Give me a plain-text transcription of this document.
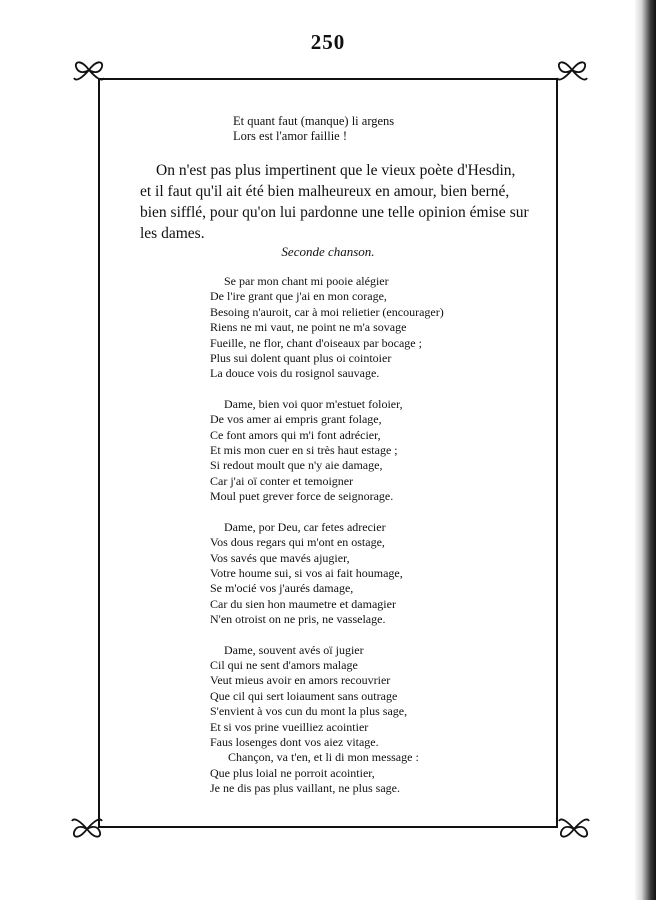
250
Et quant faut (manque) li argens
Lors est l'amor faillie !
On n'est pas plus impertinent que le vieux poète d'Hesdin,
et il faut qu'il ait été bien malheureux en amour, bien berné,
bien sifflé, pour qu'on lui pardonne une telle opinion émise sur
les dames.
Seconde chanson.
Se par mon chant mi pooie alégier
De l'ire grant que j'ai en mon corage,
Besoing n'auroit, car à moi relietier (encourager)
Riens ne mi vaut, ne point ne m'a sovage
Fueille, ne flor, chant d'oiseaux par bocage ;
Plus sui dolent quant plus oi cointoier
La douce vois du rosignol sauvage.
Dame, bien voi quor m'estuet foloier,
De vos amer ai empris grant folage,
Ce font amors qui m'i font adrécier,
Et mis mon cuer en si très haut estage ;
Si redout moult que n'y aie damage,
Car j'ai oï conter et temoigner
Moul puet grever force de seignorage.
Dame, por Deu, car fetes adrecier
Vos dous regars qui m'ont en ostage,
Vos savés que mavés ajugier,
Votre houme sui, si vos ai fait houmage,
Se m'ocié vos j'aurés damage,
Car du sien hon maumetre et damagier
N'en otroist on ne pris, ne vasselage.
Dame, souvent avés oï jugier
Cil qui ne sent d'amors malage
Veut mieus avoir en amors recouvrier
Que cil qui sert loiaument sans outrage
S'envient à vos cun du mont la plus sage,
Et si vos prine vueilliez acointier
Faus losenges dont vos aiez vitage.
Chançon, va t'en, et li di mon message :
Que plus loial ne porroit acointier,
Je ne dis pas plus vaillant, ne plus sage.
